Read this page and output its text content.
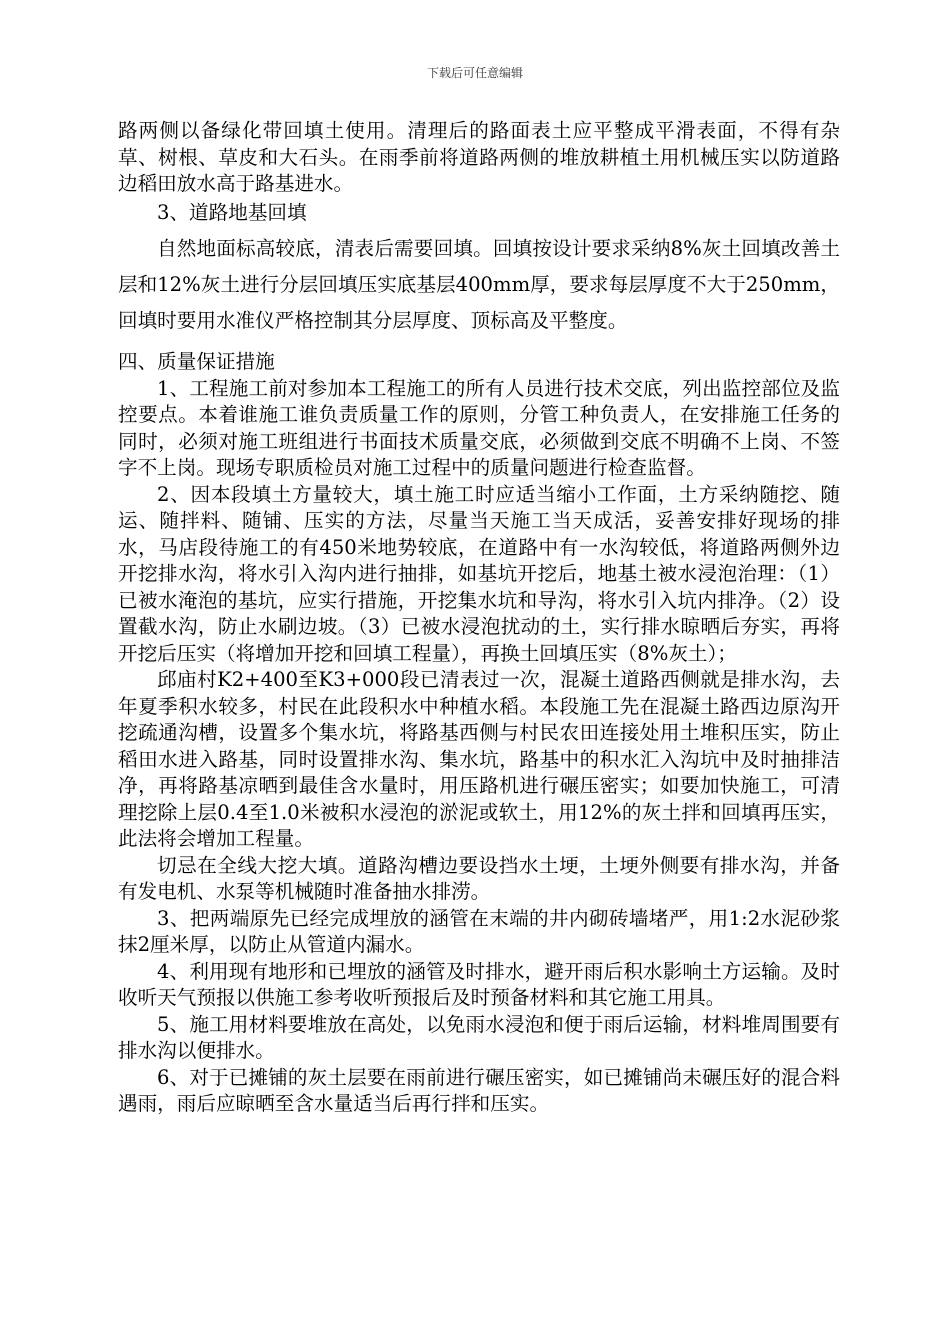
下载后可任意编辑

路两侧以备绿化带回填土使用。清理后的路面表土应平整成平滑表面，不得有杂草、树根、草皮和大石头。在雨季前将道路两侧的堆放耕植土用机械压实以防道路边稻田放水高于路基进水。

3、道路地基回填

自然地面标高较底，清表后需要回填。回填按设计要求采纳8%灰土回填改善土层和12%灰土进行分层回填压实底基层400mm厚，要求每层厚度不大于250mm，回填时要用水准仪严格控制其分层厚度、顶标高及平整度。

四、质量保证措施

1、工程施工前对参加本工程施工的所有人员进行技术交底，列出监控部位及监控要点。本着谁施工谁负责质量工作的原则，分管工种负责人，在安排施工任务的同时，必须对施工班组进行书面技术质量交底，必须做到交底不明确不上岗、不签字不上岗。现场专职质检员对施工过程中的质量问题进行检查监督。

2、因本段填土方量较大，填土施工时应适当缩小工作面，土方采纳随挖、随运、随拌料、随铺、压实的方法，尽量当天施工当天成活，妥善安排好现场的排水，马店段待施工的有450米地势较底，在道路中有一水沟较低，将道路两侧外边开挖排水沟，将水引入沟内进行抽排，如基坑开挖后，地基土被水浸泡治理：（1）已被水淹泡的基坑，应实行措施，开挖集水坑和导沟，将水引入坑内排净。（2）设置截水沟，防止水刷边坡。（3）已被水浸泡扰动的土，实行排水晾晒后夯实，再将开挖后压实（将增加开挖和回填工程量），再换土回填压实（8%灰土）；

邱庙村K2+400至K3+000段已清表过一次，混凝土道路西侧就是排水沟，去年夏季积水较多，村民在此段积水中种植水稻。本段施工先在混凝土路西边原沟开挖疏通沟槽，设置多个集水坑，将路基西侧与村民农田连接处用土堆积压实，防止稻田水进入路基，同时设置排水沟、集水坑，路基中的积水汇入沟坑中及时抽排洁净，再将路基凉晒到最佳含水量时，用压路机进行碾压密实；如要加快施工，可清理挖除上层0.4至1.0米被积水浸泡的淤泥或软土，用12%的灰土拌和回填再压实，此法将会增加工程量。

切忌在全线大挖大填。道路沟槽边要设挡水土埂，土埂外侧要有排水沟，并备有发电机、水泵等机械随时准备抽水排涝。

3、把两端原先已经完成埋放的涵管在末端的井内砌砖墙堵严，用1:2水泥砂浆抹2厘米厚，以防止从管道内漏水。

4、利用现有地形和已埋放的涵管及时排水，避开雨后积水影响土方运输。及时收听天气预报以供施工参考收听预报后及时预备材料和其它施工用具。

5、施工用材料要堆放在高处，以免雨水浸泡和便于雨后运输，材料堆周围要有排水沟以便排水。

6、对于已摊铺的灰土层要在雨前进行碾压密实，如已摊铺尚未碾压好的混合料遇雨，雨后应晾晒至含水量适当后再行拌和压实。
